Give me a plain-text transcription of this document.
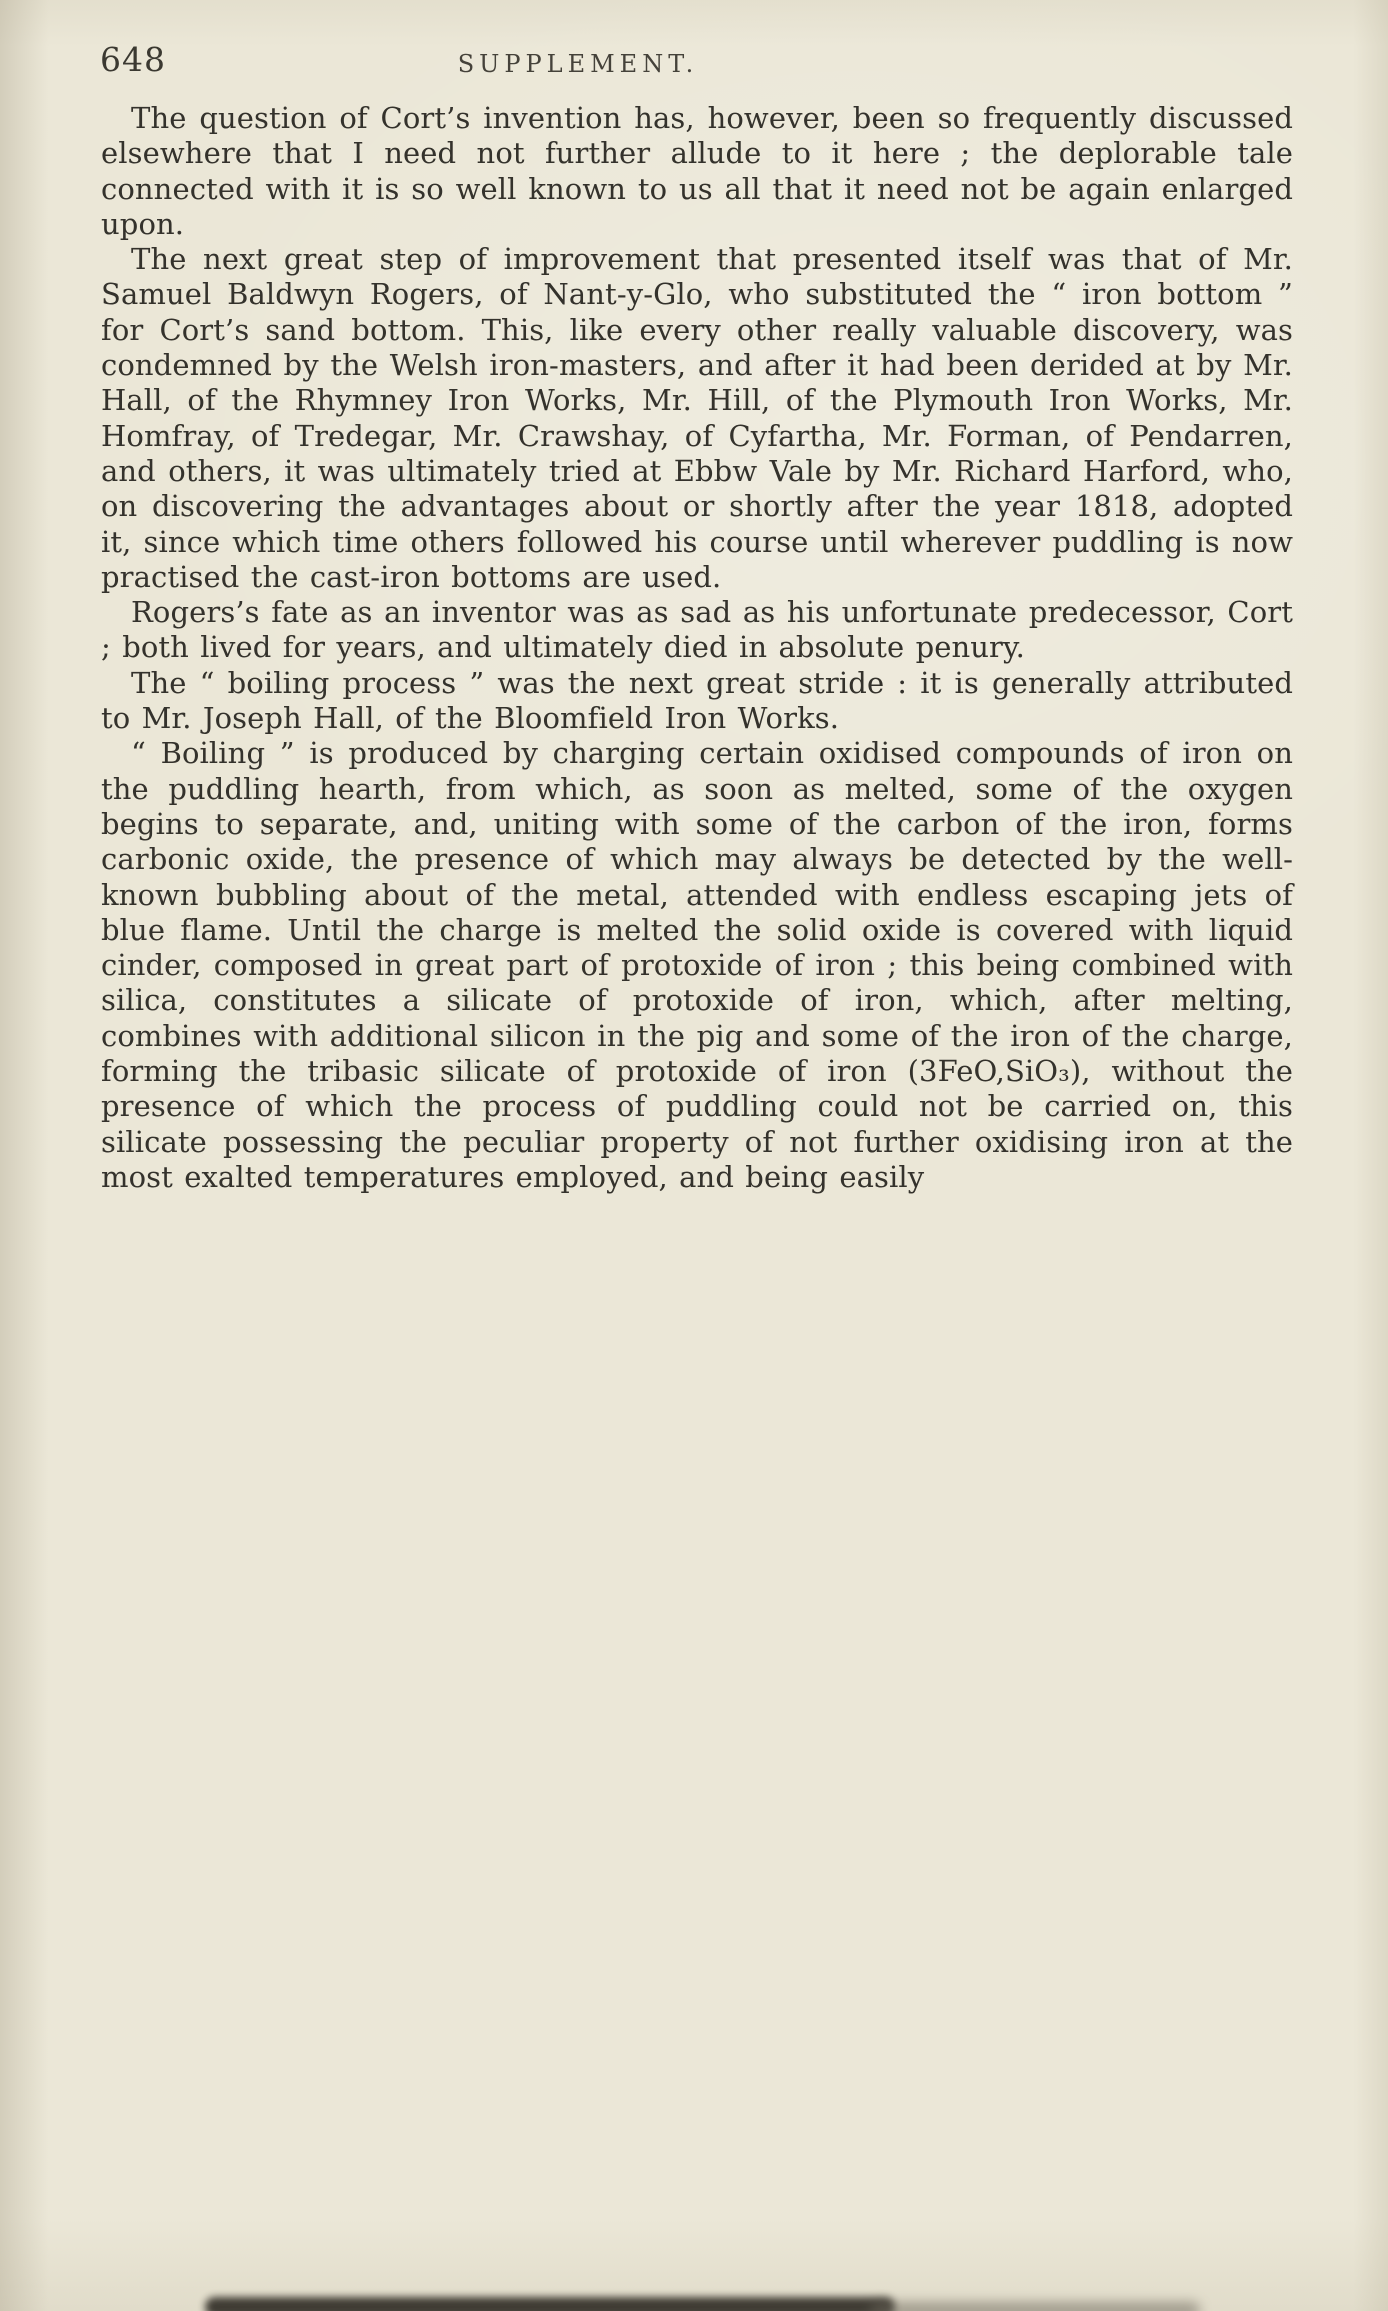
648	SUPPLEMENT.

The question of Cort’s invention has, however, been so frequently discussed elsewhere that I need not further allude to it here ; the deplorable tale connected with it is so well known to us all that it need not be again enlarged upon.

The next great step of improvement that presented itself was that of Mr. Samuel Baldwyn Rogers, of Nant-y-Glo, who substituted the “ iron bottom ” for Cort’s sand bottom. This, like every other really valuable discovery, was condemned by the Welsh iron-masters, and after it had been derided at by Mr. Hall, of the Rhymney Iron Works, Mr. Hill, of the Plymouth Iron Works, Mr. Homfray, of Tredegar, Mr. Crawshay, of Cyfartha, Mr. Forman, of Pendarren, and others, it was ultimately tried at Ebbw Vale by Mr. Richard Harford, who, on discovering the advantages about or shortly after the year 1818, adopted it, since which time others followed his course until wherever puddling is now practised the cast-iron bottoms are used.

Rogers’s fate as an inventor was as sad as his unfortunate predecessor, Cort ; both lived for years, and ultimately died in absolute penury.

The “ boiling process ” was the next great stride : it is generally attributed to Mr. Joseph Hall, of the Bloomfield Iron Works.

“ Boiling ” is produced by charging certain oxidised compounds of iron on the puddling hearth, from which, as soon as melted, some of the oxygen begins to separate, and, uniting with some of the carbon of the iron, forms carbonic oxide, the presence of which may always be detected by the well-known bubbling about of the metal, attended with endless escaping jets of blue flame. Until the charge is melted the solid oxide is covered with liquid cinder, composed in great part of protoxide of iron ; this being combined with silica, constitutes a silicate of protoxide of iron, which, after melting, combines with additional silicon in the pig and some of the iron of the charge, forming the tribasic silicate of protoxide of iron (3FeO,SiO₃), without the presence of which the process of puddling could not be carried on, this silicate possessing the peculiar property of not further oxidising iron at the most exalted temperatures employed, and being easily
